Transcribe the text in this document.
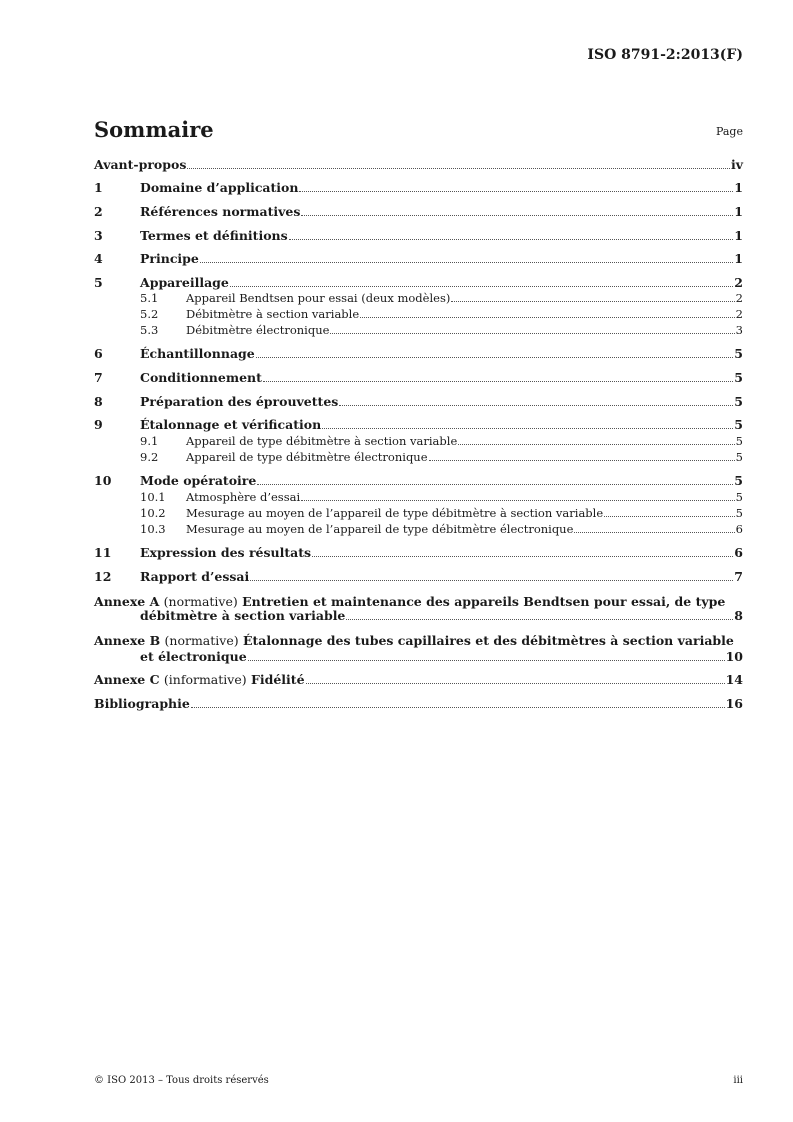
ISO 8791-2:2013(F)
Sommaire	Page
Avant-propos	iv
1	Domaine d’application	1
2	Références normatives	1
3	Termes et définitions	1
4	Principe	1
5	Appareillage	2
5.1 Appareil Bendtsen pour essai (deux modèles)	2
5.2 Débitmètre à section variable	2
5.3 Débitmètre électronique	3
6	Échantillonnage	5
7	Conditionnement	5
8	Préparation des éprouvettes	5
9	Étalonnage et vérification	5
9.1 Appareil de type débitmètre à section variable	5
9.2 Appareil de type débitmètre électronique	5
10 Mode opératoire	5
10.1 Atmosphère d’essai	5
10.2 Mesurage au moyen de l’appareil de type débitmètre à section variable	5
10.3 Mesurage au moyen de l’appareil de type débitmètre électronique	6
11 Expression des résultats	6
12 Rapport d’essai	7
Annexe A (normative) Entretien et maintenance des appareils Bendtsen pour essai, de type
débitmètre à section variable	8
Annexe B (normative) Étalonnage des tubes capillaires et des débitmètres à section variable
et électronique	10
Annexe C
(informative)
Fidélité	14
Bibliographie	16
© ISO 2013 – Tous droits réservés	iii
